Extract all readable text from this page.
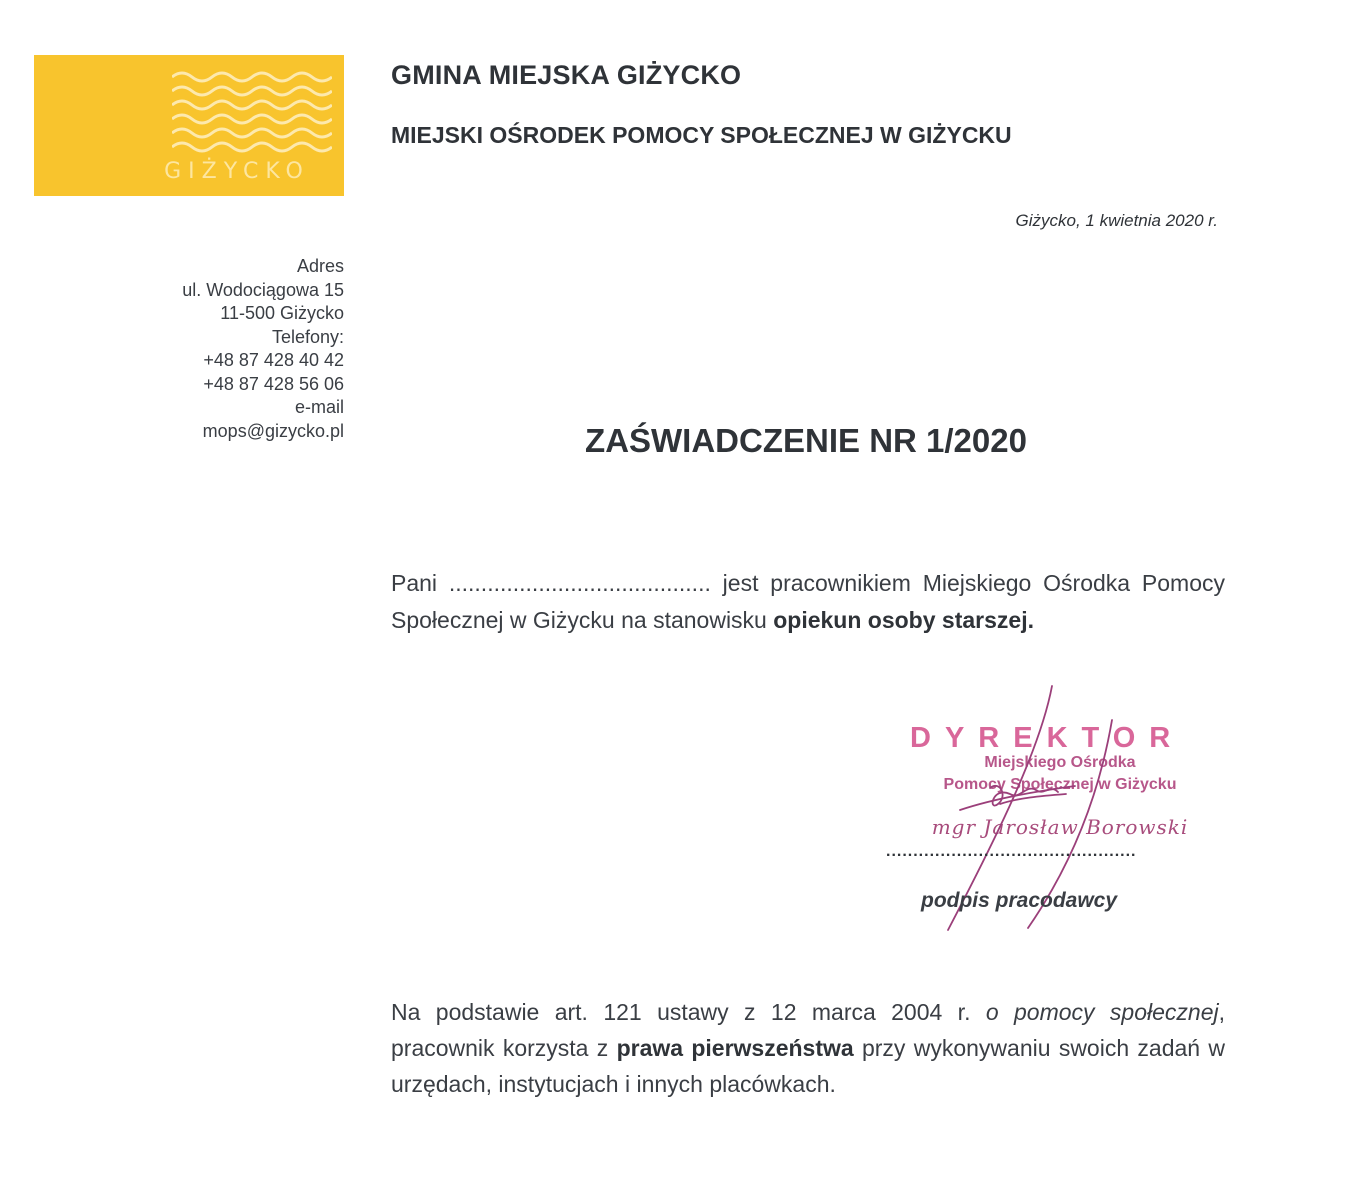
GIŻYCKO
GMINA MIEJSKA GIŻYCKO
MIEJSKI OŚRODEK POMOCY SPOŁECZNEJ W GIŻYCKU
Giżycko, 1 kwietnia 2020 r.
Adres
ul. Wodociągowa 15
11-500 Giżycko
Telefony:
+48 87 428 40 42
+48 87 428 56 06
e-mail
mops@gizycko.pl	ZAŚWIADCZENIE NR 1/2020
Pani ......................................... jest pracownikiem Miejskiego Ośrodka Pomocy Społecznej w Giżycku na stanowisku opiekun osoby starszej.
DYREKTOR
Miejskiego Ośrodka
Pomocy Społecznej w Giżycku
mgr Jarosław Borowski
..............................................
podpis pracodawcy
Na podstawie art. 121 ustawy z 12 marca 2004 r. o pomocy społecznej, pracownik korzysta z prawa pierwszeństwa przy wykonywaniu swoich zadań w urzędach, instytucjach i innych placówkach.
